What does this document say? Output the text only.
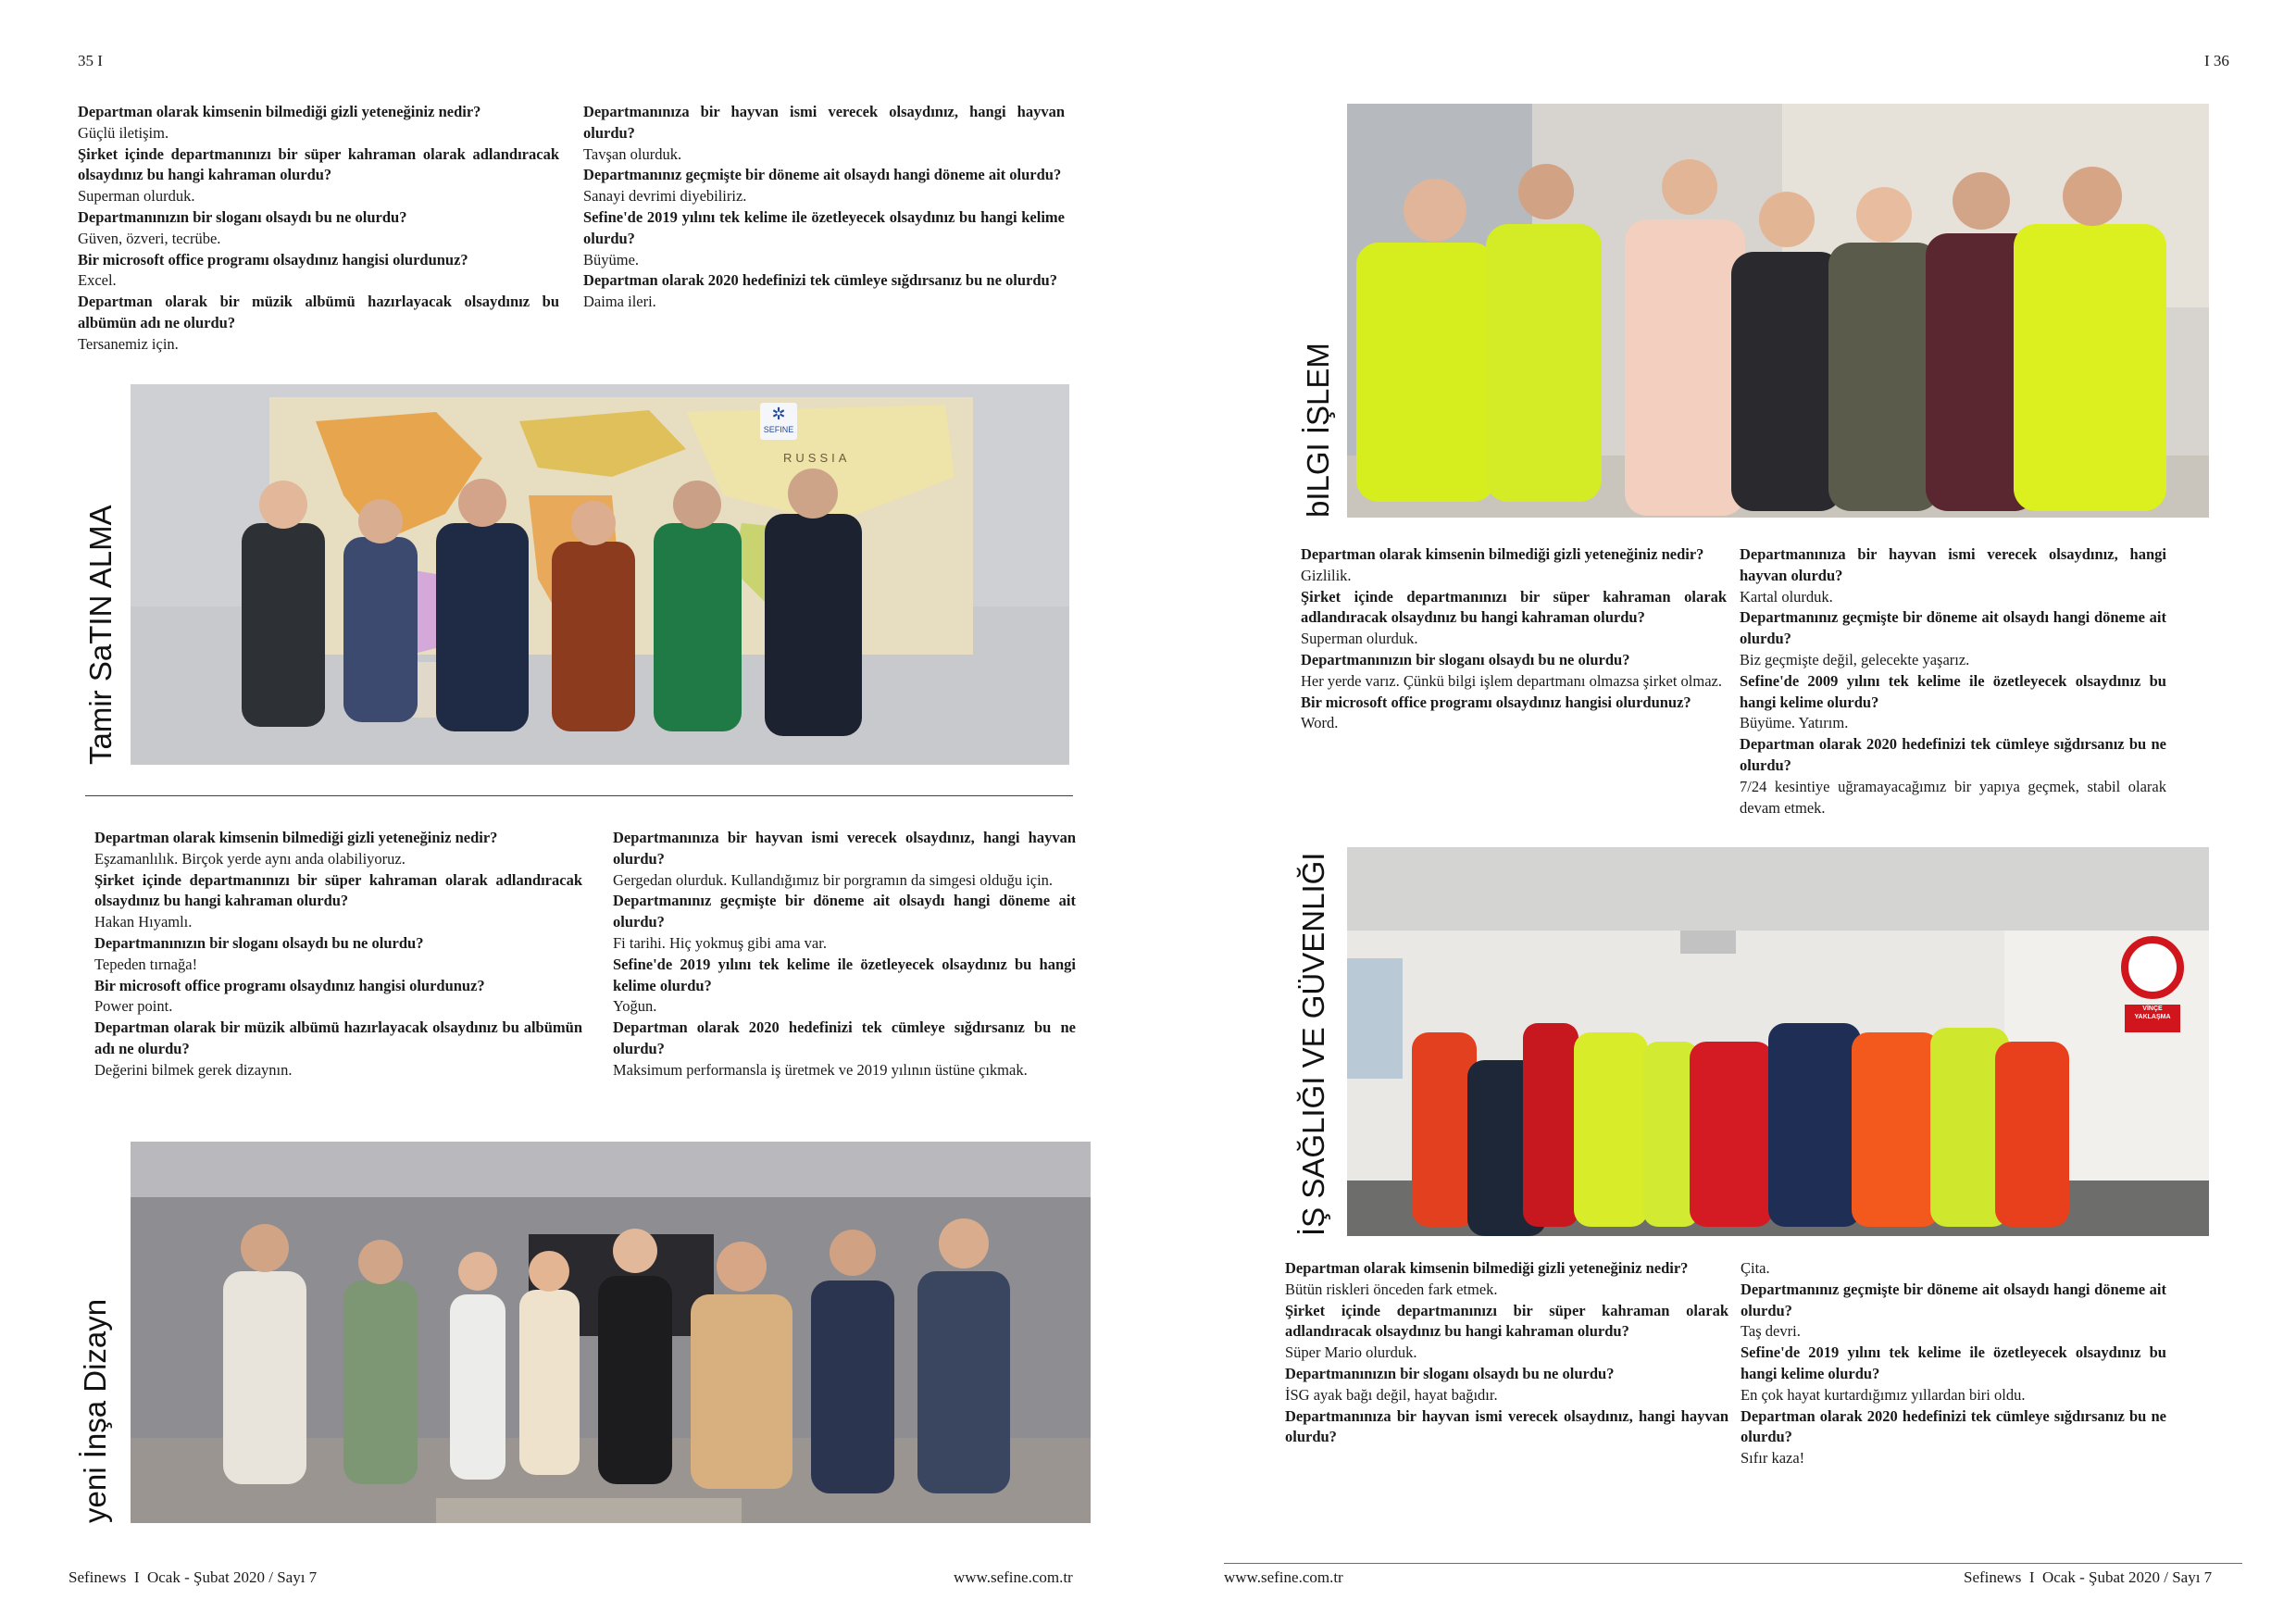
35 I

Departman olarak kimsenin bilmediği gizli yeteneğiniz nedir?

Güçlü iletişim.

Şirket içinde departmanınızı bir süper kahraman olarak adlandıracak olsaydınız bu hangi kahraman olurdu?

Superman olurduk.

Departmanınızın bir sloganı olsaydı bu ne olurdu?

Güven, özveri, tecrübe.

Bir microsoft office programı olsaydınız hangisi olurdunuz?

Excel.

Departman olarak bir müzik albümü hazırlayacak olsaydınız bu albümün adı ne olurdu?

Tersanemiz için.

Departmanınıza bir hayvan ismi verecek olsaydınız, hangi hayvan olurdu?

Tavşan olurduk.

Departmanınız geçmişte bir döneme ait olsaydı hangi döneme ait olurdu?

Sanayi devrimi diyebiliriz.

Sefine'de 2019 yılını tek kelime ile özetleyecek olsaydınız bu hangi kelime olurdu?

Büyüme.

Departman olarak 2020 hedefinizi tek cümleye sığdırsanız bu ne olurdu?

Daima ileri.

✲
SEFINE
RUSSIA
Tamir SaTIN ALMA

Departman olarak kimsenin bilmediği gizli yeteneğiniz nedir?

Eşzamanlılık. Birçok yerde aynı anda olabiliyoruz.

Şirket içinde departmanınızı bir süper kahraman olarak adlandıracak olsaydınız bu hangi kahraman olurdu?

Hakan Hıyamlı.

Departmanınızın bir sloganı olsaydı bu ne olurdu?

Tepeden tırnağa!

Bir microsoft office programı olsaydınız hangisi olurdunuz?

Power point.

Departman olarak bir müzik albümü hazırlayacak olsaydınız bu albümün adı ne olurdu?

Değerini bilmek gerek dizaynın.

Departmanınıza bir hayvan ismi verecek olsaydınız, hangi hayvan olurdu?

Gergedan olurduk. Kullandığımız bir porgramın da simgesi olduğu için.

Departmanınız geçmişte bir döneme ait olsaydı hangi döneme ait olurdu?

Fi tarihi. Hiç yokmuş gibi ama var.

Sefine'de 2019 yılını tek kelime ile özetleyecek olsaydınız bu hangi kelime olurdu?

Yoğun.

Departman olarak 2020 hedefinizi tek cümleye sığdırsanız bu ne olurdu?

Maksimum performansla iş üretmek ve 2019 yılının üstüne çıkmak.

yeni İnşa Dizayn
Sefinews  I  Ocak - Şubat 2020 / Sayı 7	www.sefine.com.tr
I 36
bILGI İŞLEM

Departman olarak kimsenin bilmediği gizli yeteneğiniz nedir?

Gizlilik.

Şirket içinde departmanınızı bir süper kahraman olarak adlandıracak olsaydınız bu hangi kahraman olurdu?

Superman olurduk.

Departmanınızın bir sloganı olsaydı bu ne olurdu?

Her yerde varız. Çünkü bilgi işlem departmanı olmazsa şirket olmaz.

Bir microsoft office programı olsaydınız hangisi olurdunuz?

Word.

Departmanınıza bir hayvan ismi verecek olsaydınız, hangi hayvan olurdu?

Kartal olurduk.

Departmanınız geçmişte bir döneme ait olsaydı hangi döneme ait olurdu?

Biz geçmişte değil, gelecekte yaşarız.

Sefine'de 2009 yılını tek kelime ile özetleyecek olsaydınız bu hangi kelime olurdu?

Büyüme. Yatırım.

Departman olarak 2020 hedefinizi tek cümleye sığdırsanız bu ne olurdu?

7/24 kesintiye uğramayacağımız bir yapıya geçmek, stabil olarak devam etmek.

VİNÇE YAKLAŞMA
İŞ SAĞLIĞI VE GÜVENLIĞI

Departman olarak kimsenin bilmediği gizli yeteneğiniz nedir?

Bütün riskleri önceden fark etmek.

Şirket içinde departmanınızı bir süper kahraman olarak adlandıracak olsaydınız bu hangi kahraman olurdu?

Süper Mario olurduk.

Departmanınızın bir sloganı olsaydı bu ne olurdu?

İSG ayak bağı değil, hayat bağıdır.

Departmanınıza bir hayvan ismi verecek olsaydınız, hangi hayvan olurdu?

Çita.

Departmanınız geçmişte bir döneme ait olsaydı hangi döneme ait olurdu?

Taş devri.

Sefine'de 2019 yılını tek kelime ile özetleyecek olsaydınız bu hangi kelime olurdu?

En çok hayat kurtardığımız yıllardan biri oldu.

Departman olarak 2020 hedefinizi tek cümleye sığdırsanız bu ne olurdu?

Sıfır kaza!

www.sefine.com.tr	Sefinews  I  Ocak - Şubat 2020 / Sayı 7
